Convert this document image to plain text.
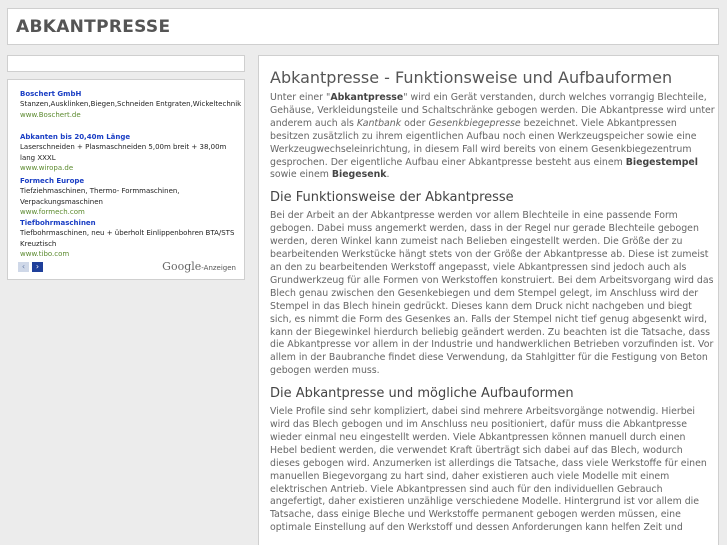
ABKANTPRESSE
Boschert GmbH
Stanzen,Ausklinken,Biegen,Schneiden Entgraten,Wickeltechnik
www.Boschert.de
Abkanten bis 20,40m Länge
Laserschneiden + Plasmaschneiden 5,00m breit + 38,00m lang XXXL
www.wiropa.de
Formech Europe
Tiefziehmaschinen, Thermo- Formmaschinen, Verpackungsmaschinen
www.formech.com
Tiefbohrmaschinen
Tiefbohrmaschinen, neu + überholt Einlippenbohren BTA/STS Kreuztisch
www.tibo.com
‹	›	Google-Anzeigen
Abkantpresse - Funktionsweise und Aufbauformen

Unter einer "Abkantpresse" wird ein Gerät verstanden, durch welches vorrangig Blechteile, Gehäuse, Verkleidungsteile und Schaltschränke gebogen werden. Die Abkantpresse wird unter anderem auch als Kantbank oder Gesenkbiegepresse bezeichnet. Viele Abkantpressen besitzen zusätzlich zu ihrem eigentlichen Aufbau noch einen Werkzeugspeicher sowie eine Werkzeugwechseleinrichtung, in diesem Fall wird bereits von einem Gesenkbiegezentrum gesprochen. Der eigentliche Aufbau einer Abkantpresse besteht aus einem Biegestempel sowie einem Biegesenk.

Die Funktionsweise der Abkantpresse

Bei der Arbeit an der Abkantpresse werden vor allem Blechteile in eine passende Form gebogen. Dabei muss angemerkt werden, dass in der Regel nur gerade Blechteile gebogen werden, deren Winkel kann zumeist nach Belieben eingestellt werden. Die Größe der zu bearbeitenden Werkstücke hängt stets von der Größe der Abkantpresse ab. Diese ist zumeist an den zu bearbeitenden Werkstoff angepasst, viele Abkantpressen sind jedoch auch als Grundwerkzeug für alle Formen von Werkstoffen konstruiert. Bei dem Arbeitsvorgang wird das Blech genau zwischen den Gesenkebiegen und dem Stempel gelegt, im Anschluss wird der Stempel in das Blech hinein gedrückt. Dieses kann dem Druck nicht nachgeben und biegt sich, es nimmt die Form des Gesenkes an. Falls der Stempel nicht tief genug abgesenkt wird, kann der Biegewinkel hierdurch beliebig geändert werden. Zu beachten ist die Tatsache, dass die Abkantpresse vor allem in der Industrie und handwerklichen Betrieben vorzufinden ist. Vor allem in der Baubranche findet diese Verwendung, da Stahlgitter für die Festigung von Beton gebogen werden muss.

Die Abkantpresse und mögliche Aufbauformen

Viele Profile sind sehr kompliziert, dabei sind mehrere Arbeitsvorgänge notwendig. Hierbei wird das Blech gebogen und im Anschluss neu positioniert, dafür muss die Abkantpresse wieder einmal neu eingestellt werden. Viele Abkantpressen können manuell durch einen Hebel bedient werden, die verwendet Kraft überträgt sich dabei auf das Blech, wodurch dieses gebogen wird. Anzumerken ist allerdings die Tatsache, dass viele Werkstoffe für einen manuellen Biegevorgang zu hart sind, daher existieren auch viele Modelle mit einem elektrischen Antrieb. Viele Abkantpressen sind auch für den individuellen Gebrauch angefertigt, daher existieren unzählige verschiedene Modelle. Hintergrund ist vor allem die Tatsache, dass einige Bleche und Werkstoffe permanent gebogen werden müssen, eine optimale Einstellung auf den Werkstoff und dessen Anforderungen kann helfen Zeit und
